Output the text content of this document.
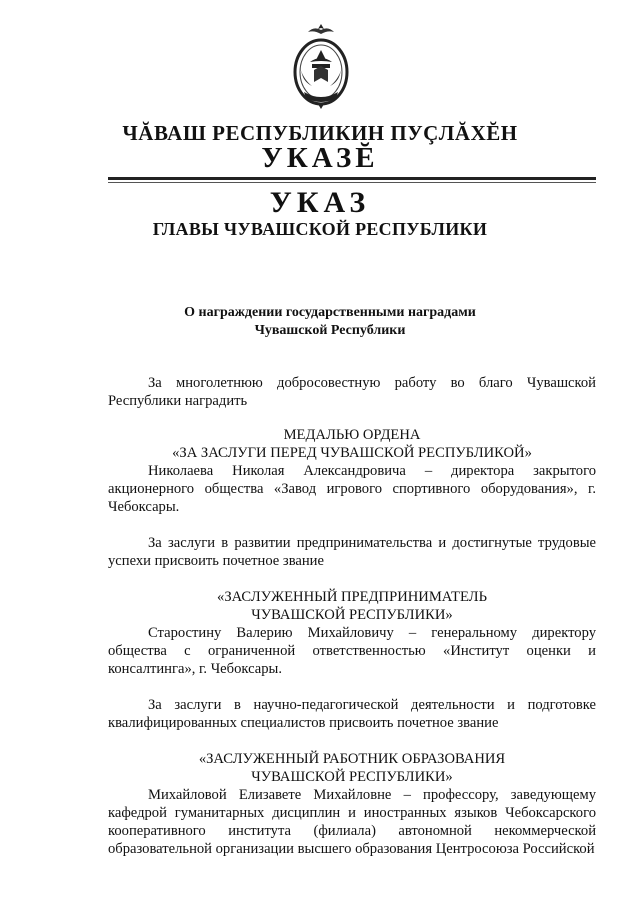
ЧĂВАШ РЕСПУБЛИКИН ПУÇЛĂХĔН

УКАЗĔ

УКАЗ

ГЛАВЫ ЧУВАШСКОЙ РЕСПУБЛИКИ

О награждении государственными наградами
Чувашской Республики

За многолетнюю добросовестную работу во благо Чувашской Республики наградить

МЕДАЛЬЮ ОРДЕНА

«ЗА ЗАСЛУГИ ПЕРЕД ЧУВАШСКОЙ РЕСПУБЛИКОЙ»

Николаева Николая Александровича – директора закрытого акционерного общества «Завод игрового спортивного оборудования», г. Чебоксары.

За заслуги в развитии предпринимательства и достигнутые трудовые успехи присвоить почетное звание

«ЗАСЛУЖЕННЫЙ ПРЕДПРИНИМАТЕЛЬ

ЧУВАШСКОЙ РЕСПУБЛИКИ»

Старостину Валерию Михайловичу – генеральному директору общества с ограниченной ответственностью «Институт оценки и консалтинга», г. Чебоксары.

За заслуги в научно-педагогической деятельности и подготовке квалифицированных специалистов присвоить почетное звание

«ЗАСЛУЖЕННЫЙ РАБОТНИК ОБРАЗОВАНИЯ

ЧУВАШСКОЙ РЕСПУБЛИКИ»

Михайловой Елизавете Михайловне – профессору, заведующему кафедрой гуманитарных дисциплин и иностранных языков Чебоксарского кооперативного института (филиала) автономной некоммерческой образовательной организации высшего образования Центросоюза Российской
